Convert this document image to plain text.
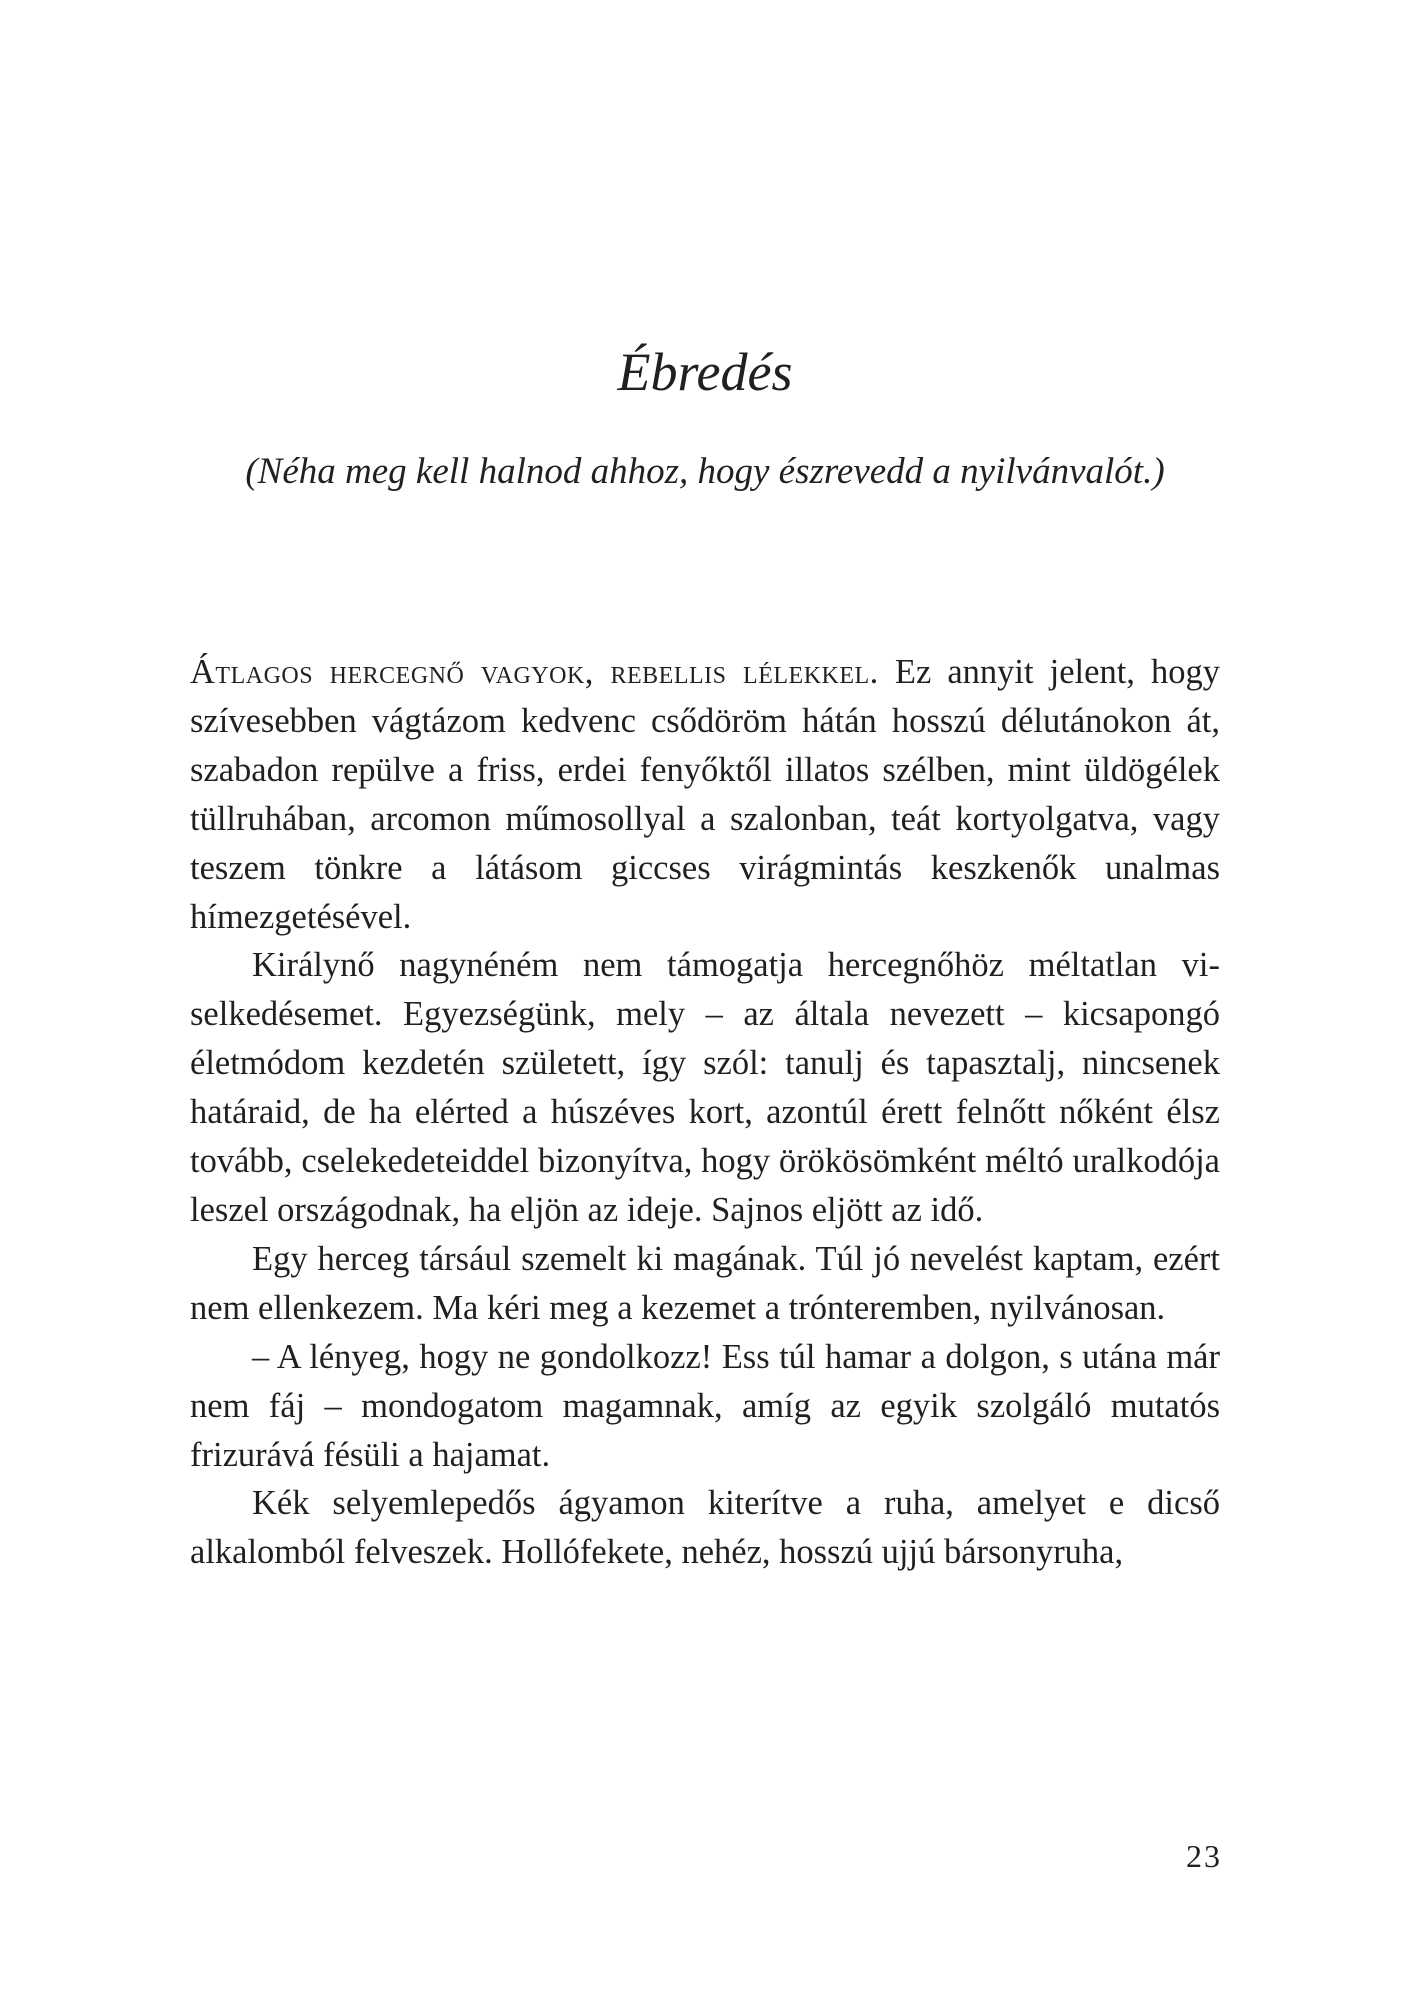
Ébredés
(Néha meg kell halnod ahhoz, hogy észrevedd a nyilvánvalót.)

Átlagos hercegnő vagyok, rebellis lélekkel. Ez annyit jelent, hogy szívesebben vágtázom kedvenc csődöröm hátán hosszú délutánokon át, szabadon repülve a friss, erdei fenyőktől illatos szélben, mint üldögélek tüllruhában, arcomon műmosollyal a szalonban, teát kortyolgatva, vagy teszem tönkre a látásom giccses virágmintás keszkenők unalmas hímezgetésével.

Királynő nagynéném nem támogatja hercegnőhöz méltatlan viselkedésemet. Egyezségünk, mely – az általa nevezett – kicsapongó életmódom kezdetén született, így szól: tanulj és tapasztalj, nincsenek határaid, de ha elérted a húszéves kort, azontúl érett felnőtt nőként élsz tovább, cselekedeteiddel bizonyítva, hogy örökösömként méltó uralkodója leszel országodnak, ha eljön az ideje. Sajnos eljött az idő.

Egy herceg társául szemelt ki magának. Túl jó nevelést kaptam, ezért nem ellenkezem. Ma kéri meg a kezemet a trónteremben, nyilvánosan.

– A lényeg, hogy ne gondolkozz! Ess túl hamar a dolgon, s utána már nem fáj – mondogatom magamnak, amíg az egyik szolgáló mutatós frizurává fésüli a hajamat.

Kék selyemlepedős ágyamon kiterítve a ruha, amelyet e dicső alkalomból felveszek. Hollófekete, nehéz, hosszú ujjú bársonyruha,

23
